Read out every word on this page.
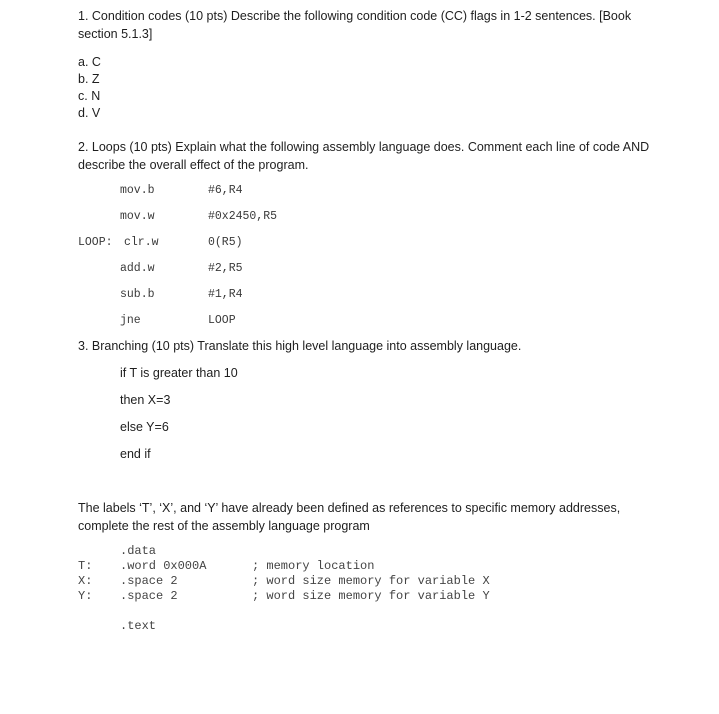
1. Condition codes (10 pts) Describe the following condition code (CC) flags in 1-2 sentences. [Book
section 5.1.3]
a. C
b. Z
c. N
d. V
2. Loops (10 pts) Explain what the following assembly language does. Comment each line of code AND
describe the overall effect of the program.
mov.b	#6,R4
mov.w	#0x2450,R5
LOOP: clr.w	0(R5)
add.w	#2,R5
sub.b	#1,R4
jne	LOOP
3. Branching (10 pts) Translate this high level language into assembly language.
if T is greater than 10
then X=3
else Y=6
end if
The labels ‘T’, ‘X’, and ‘Y’ have already been defined as references to specific memory addresses,
complete the rest of the assembly language program
.data
T: .word 0x000A	; memory location
X: .space 2	; word size memory for variable X
Y: .space 2	; word size memory for variable Y
.text
